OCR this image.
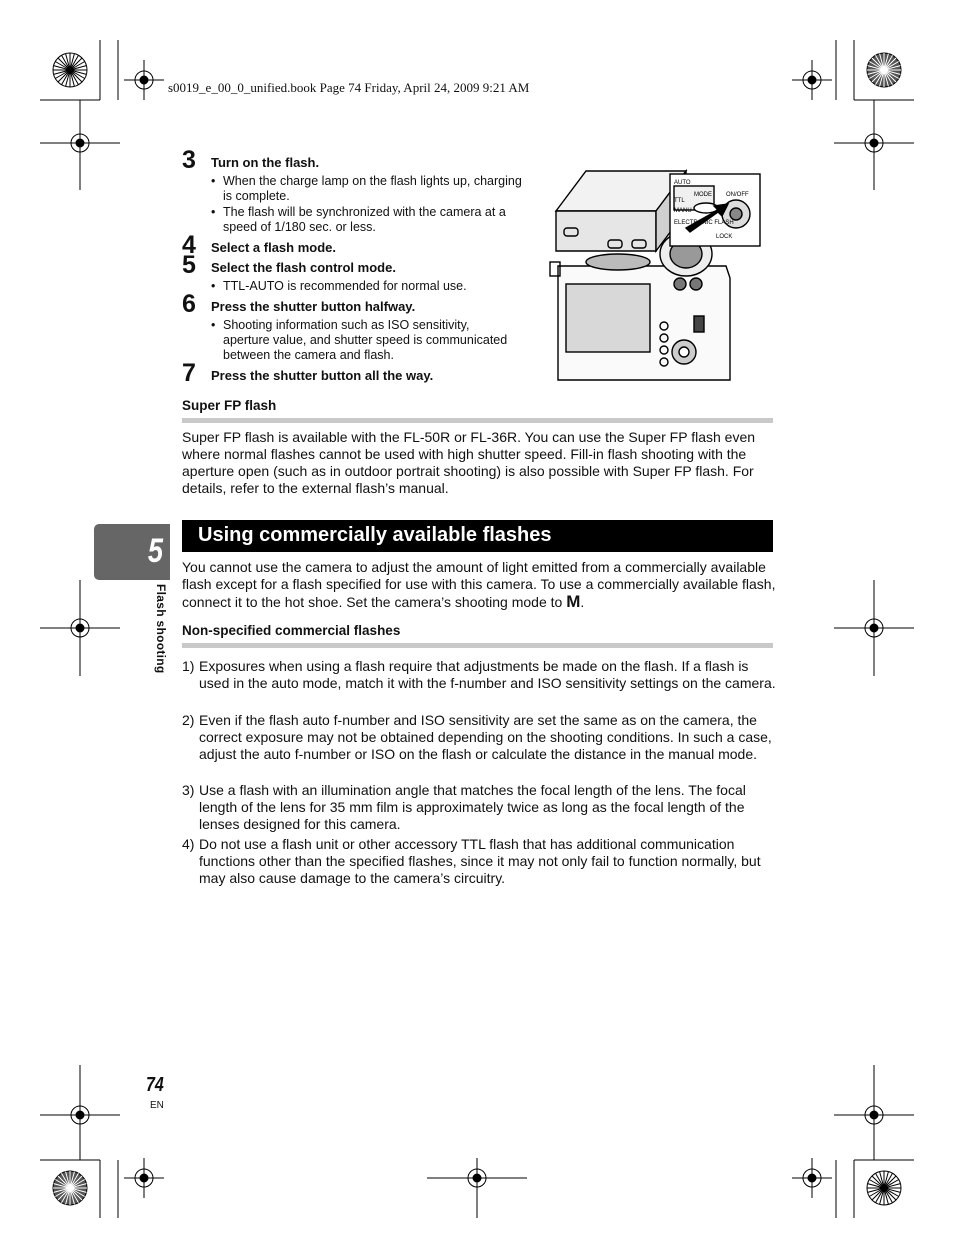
s0019_e_00_0_unified.book Page 74 Friday, April 24, 2009 9:21 AM
3 Turn on the flash.
• When the charge lamp on the flash lights up, charging is complete.
• The flash will be synchronized with the camera at a speed of 1/180 sec. or less.
4 Select a flash mode.
5 Select the flash control mode.
• TTL-AUTO is recommended for normal use.
6 Press the shutter button halfway.
• Shooting information such as ISO sensitivity, aperture value, and shutter speed is communicated between the camera and flash.
7 Press the shutter button all the way.
AUTO
MODE ON/OFF
TTL
MANU
ELECTRONIC FLASH
LOCK
Super FP flash
Super FP flash is available with the FL-50R or FL-36R. You can use the Super FP flash even where normal flashes cannot be used with high shutter speed. Fill-in flash shooting with the aperture open (such as in outdoor portrait shooting) is also possible with Super FP flash. For details, refer to the external flash’s manual.
Using commercially available flashes
You cannot use the camera to adjust the amount of light emitted from a commercially available flash except for a flash specified for use with this camera. To use a commercially available flash, connect it to the hot shoe. Set the camera’s shooting mode to M.
Non-specified commercial flashes
1) Exposures when using a flash require that adjustments be made on the flash. If a flash is used in the auto mode, match it with the f-number and ISO sensitivity settings on the camera.
2) Even if the flash auto f-number and ISO sensitivity are set the same as on the camera, the correct exposure may not be obtained depending on the shooting conditions. In such a case, adjust the auto f-number or ISO on the flash or calculate the distance in the manual mode.
3) Use a flash with an illumination angle that matches the focal length of the lens. The focal length of the lens for 35 mm film is approximately twice as long as the focal length of the lenses designed for this camera.
4) Do not use a flash unit or other accessory TTL flash that has additional communication functions other than the specified flashes, since it may not only fail to function normally, but may also cause damage to the camera’s circuitry.
5
Flash shooting
74
EN
